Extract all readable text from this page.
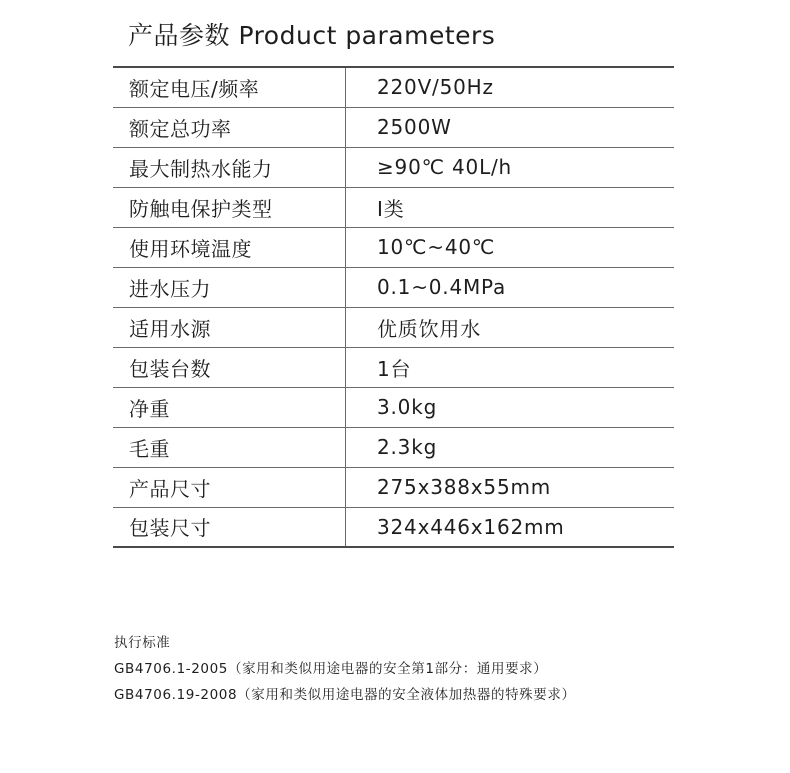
产品参数 Product parameters
额定电压/频率	220V/50Hz
额定总功率	2500W
最大制热水能力	≥90℃ 40L/h
防触电保护类型	Ⅰ类
使用环境温度	10℃~40℃
进水压力	0.1~0.4MPa
适用水源	优质饮用水
包装台数	1台
净重	3.0kg
毛重	2.3kg
产品尺寸	275x388x55mm
包装尺寸	324x446x162mm
执行标准
GB4706.1-2005（家用和类似用途电器的安全第1部分：通用要求）
GB4706.19-2008（家用和类似用途电器的安全液体加热器的特殊要求）
